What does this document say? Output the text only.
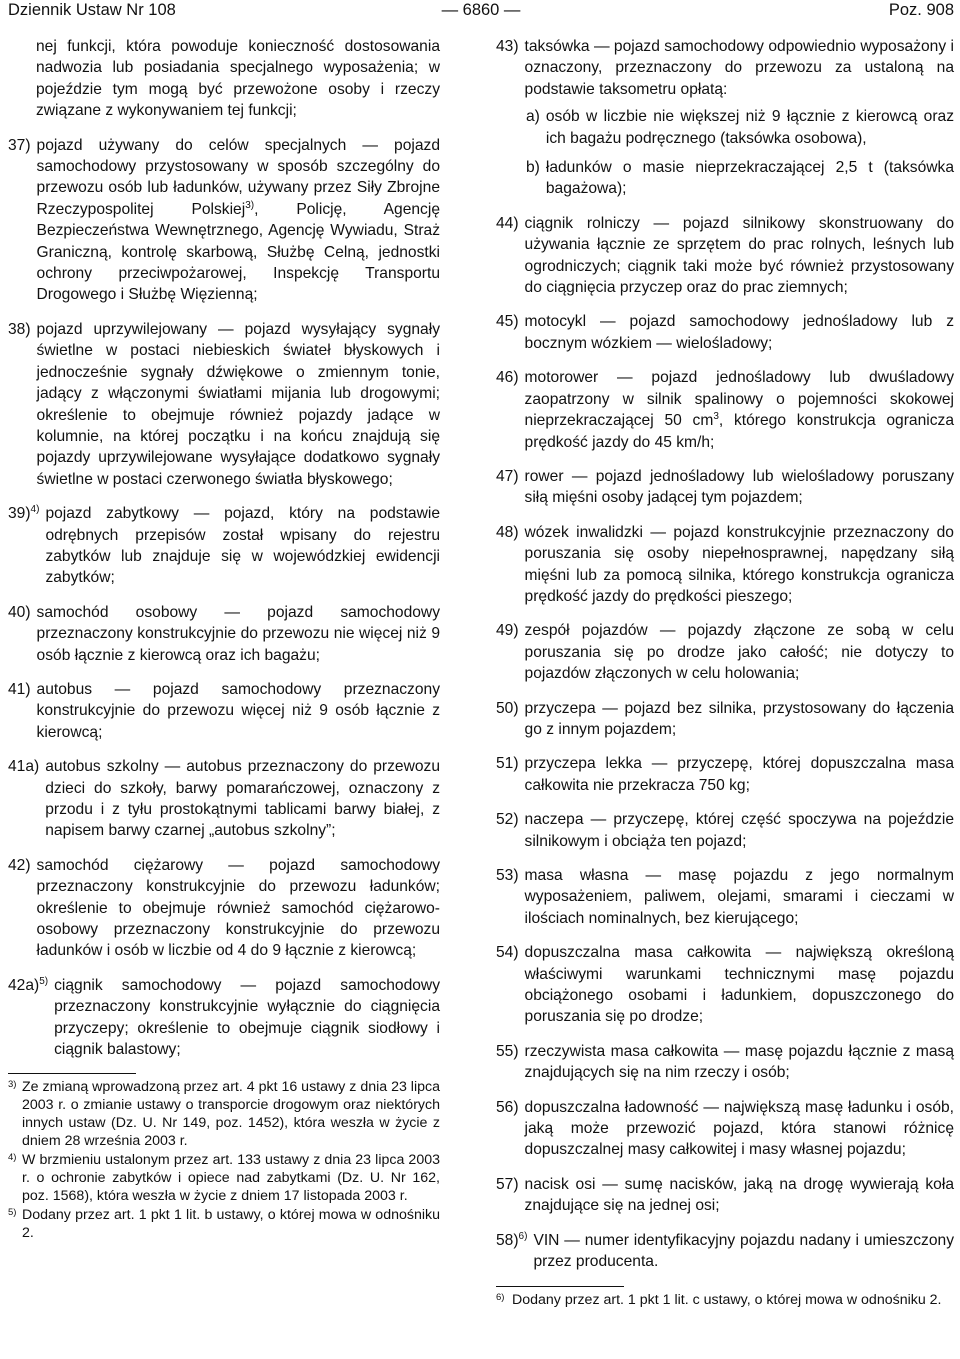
— 6860 —
Dziennik Ustaw Nr 108	Poz. 908
nej funkcji, która powoduje konieczność dostosowania nadwozia lub posiadania specjalnego wyposażenia; w pojeździe tym mogą być przewożone osoby i rzeczy związane z wykonywaniem tej funkcji;
37) pojazd używany do celów specjalnych — pojazd samochodowy przystosowany w sposób szczególny do przewozu osób lub ładunków, używany przez Siły Zbrojne Rzeczypospolitej Polskiej$^{3)}$, Policję, Agencję Bezpieczeństwa Wewnętrznego, Agencję Wywiadu, Straż Graniczną, kontrolę skarbową, Służbę Celną, jednostki ochrony przeciwpożarowej, Inspekcję Transportu Drogowego i Służbę Więzienną;
38) pojazd uprzywilejowany — pojazd wysyłający sygnały świetlne w postaci niebieskich świateł błyskowych i jednocześnie sygnały dźwiękowe o zmiennym tonie, jadący z włączonymi światłami mijania lub drogowymi; określenie to obejmuje również pojazdy jadące w kolumnie, na której początku i na końcu znajdują się pojazdy uprzywilejowane wysyłające dodatkowo sygnały świetlne w postaci czerwonego światła błyskowego;
39)$^{4)}$ pojazd zabytkowy — pojazd, który na podstawie odrębnych przepisów został wpisany do rejestru zabytków lub znajduje się w wojewódzkiej ewidencji zabytków;
40) samochód osobowy — pojazd samochodowy przeznaczony konstrukcyjnie do przewozu nie więcej niż 9 osób łącznie z kierowcą oraz ich bagażu;
41) autobus — pojazd samochodowy przeznaczony konstrukcyjnie do przewozu więcej niż 9 osób łącznie z kierowcą;
41a) autobus szkolny — autobus przeznaczony do przewozu dzieci do szkoły, barwy pomarańczowej, oznaczony z przodu i z tyłu prostokątnymi tablicami barwy białej, z napisem barwy czarnej „autobus szkolny”;
42) samochód ciężarowy — pojazd samochodowy przeznaczony konstrukcyjnie do przewozu ładunków; określenie to obejmuje również samochód ciężarowo-osobowy przeznaczony konstrukcyjnie do przewozu ładunków i osób w liczbie od 4 do 9 łącznie z kierowcą;
42a)$^{5)}$ ciągnik samochodowy — pojazd samochodowy przeznaczony konstrukcyjnie wyłącznie do ciągnięcia przyczepy; określenie to obejmuje ciągnik siodłowy i ciągnik balastowy;
3) Ze zmianą wprowadzoną przez art. 4 pkt 16 ustawy z dnia 23 lipca 2003 r. o zmianie ustawy o transporcie drogowym oraz niektórych innych ustaw (Dz. U. Nr 149, poz. 1452), która weszła w życie z dniem 28 września 2003 r.
4) W brzmieniu ustalonym przez art. 133 ustawy z dnia 23 lipca 2003 r. o ochronie zabytków i opiece nad zabytkami (Dz. U. Nr 162, poz. 1568), która weszła w życie z dniem 17 listopada 2003 r.
5) Dodany przez art. 1 pkt 1 lit. b ustawy, o której mowa w odnośniku 2.
43) taksówka — pojazd samochodowy odpowiednio wyposażony i oznaczony, przeznaczony do przewozu za ustaloną na podstawie taksometru opłatą:
a) osób w liczbie nie większej niż 9 łącznie z kierowcą oraz ich bagażu podręcznego (taksówka osobowa),
b) ładunków o masie nieprzekraczającej 2,5 t (taksówka bagażowa);
44) ciągnik rolniczy — pojazd silnikowy skonstruowany do używania łącznie ze sprzętem do prac rolnych, leśnych lub ogrodniczych; ciągnik taki może być również przystosowany do ciągnięcia przyczep oraz do prac ziemnych;
45) motocykl — pojazd samochodowy jednośladowy lub z bocznym wózkiem — wielośladowy;
46) motorower — pojazd jednośladowy lub dwuśladowy zaopatrzony w silnik spalinowy o pojemności skokowej nieprzekraczającej 50 $cm^3$, którego konstrukcja ogranicza prędkość jazdy do 45 km/h;
47) rower — pojazd jednośladowy lub wielośladowy poruszany siłą mięśni osoby jadącej tym pojazdem;
48) wózek inwalidzki — pojazd konstrukcyjnie przeznaczony do poruszania się osoby niepełnosprawnej, napędzany siłą mięśni lub za pomocą silnika, którego konstrukcja ogranicza prędkość jazdy do prędkości pieszego;
49) zespół pojazdów — pojazdy złączone ze sobą w celu poruszania się po drodze jako całość; nie dotyczy to pojazdów złączonych w celu holowania;
50) przyczepa — pojazd bez silnika, przystosowany do łączenia go z innym pojazdem;
51) przyczepa lekka — przyczepę, której dopuszczalna masa całkowita nie przekracza 750 kg;
52) naczepa — przyczepę, której część spoczywa na pojeździe silnikowym i obciąża ten pojazd;
53) masa własna — masę pojazdu z jego normalnym wyposażeniem, paliwem, olejami, smarami i cieczami w ilościach nominalnych, bez kierującego;
54) dopuszczalna masa całkowita — największą określoną właściwymi warunkami technicznymi masę pojazdu obciążonego osobami i ładunkiem, dopuszczonego do poruszania się po drodze;
55) rzeczywista masa całkowita — masę pojazdu łącznie z masą znajdujących się na nim rzeczy i osób;
56) dopuszczalna ładowność — największą masę ładunku i osób, jaką może przewozić pojazd, która stanowi różnicę dopuszczalnej masy całkowitej i masy własnej pojazdu;
57) nacisk osi — sumę nacisków, jaką na drogę wywierają koła znajdujące się na jednej osi;
58)$^{6)}$ VIN — numer identyfikacyjny pojazdu nadany i umieszczony przez producenta.
6) Dodany przez art. 1 pkt 1 lit. c ustawy, o której mowa w odnośniku 2.
